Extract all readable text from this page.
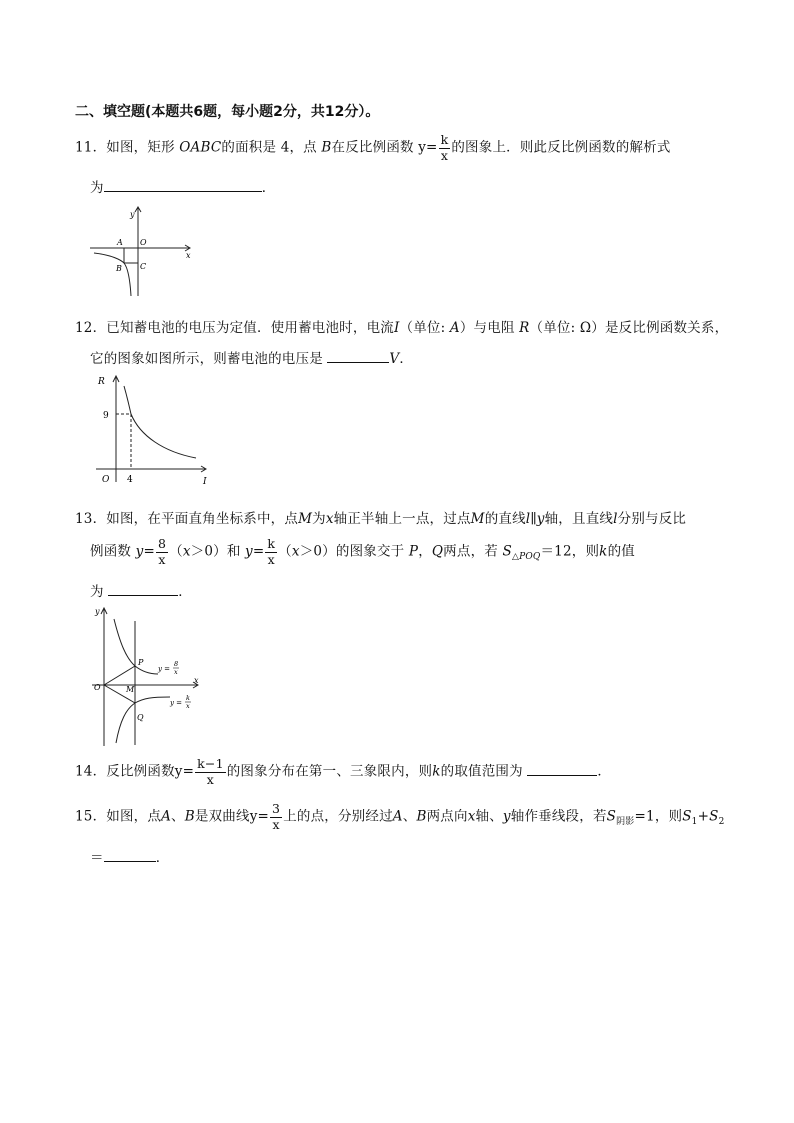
二、填空题(本题共6题，每小题2分，共12分）。
11．如图，矩形 OABC的面积是 4，点 B在反比例函数 $y= \frac{k}{x}$ 的图象上．则此反比例函数的解析式
为	．
y
x
A O
B C
12．已知蓄电池的电压为定值．使用蓄电池时，电流I（单位: A）与电阻 R（单位: Ω）是反比例函数关系，
它的图象如图所示，则蓄电池的电压是	V．
R
I
O
9
4
13．如图，在平面直角坐标系中，点M为x轴正半轴上一点，过点M的直线l∥y轴，且直线l分别与反比
例函数 $y= \frac{8}{x} (x>0)$和 $y= \frac{k}{x} (x>0)$的图象交于 P，Q两点，若 $S_{\triangle POQ}=12$，则k的值
为	．
y
x
O	M
P
Q
y =
8
x
y =
k
x
14．反比例函数$y= \frac{k-1}{x}$ 的图象分布在第一、三象限内，则k的取值范围为	．
15．如图，点A、B是双曲线$y= \frac{3}{x}$ 上的点，分别经过A、B两点向x轴、y轴作垂线段，若$S_{阴影}=1$，则$S_1+S_2$
＝	．
